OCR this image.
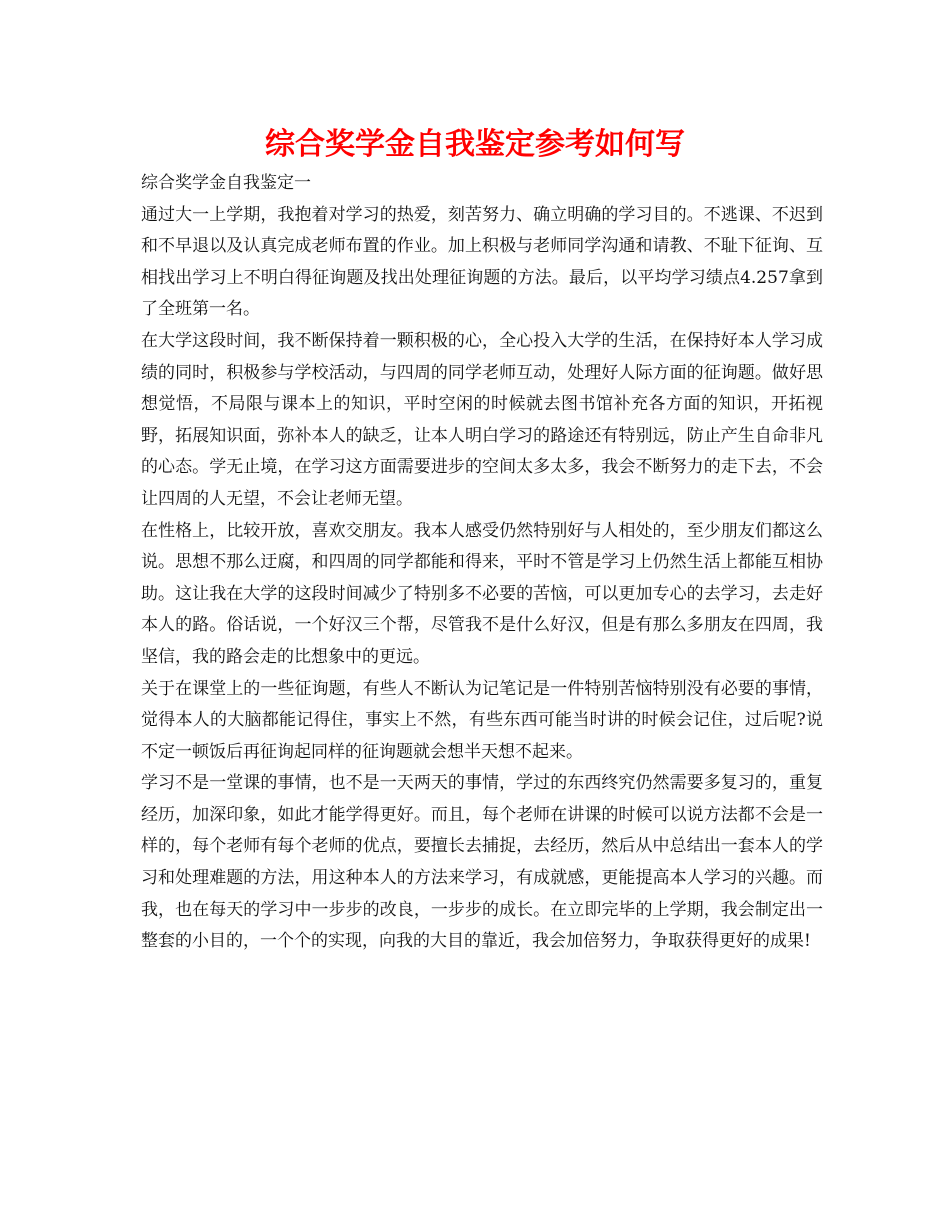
综合奖学金自我鉴定参考如何写

综合奖学金自我鉴定一

通过大一上学期，我抱着对学习的热爱，刻苦努力、确立明确的学习目的。不逃课、不迟到和不早退以及认真完成老师布置的作业。加上积极与老师同学沟通和请教、不耻下征询、互相找出学习上不明白得征询题及找出处理征询题的方法。最后，以平均学习绩点4.257拿到了全班第一名。

在大学这段时间，我不断保持着一颗积极的心，全心投入大学的生活，在保持好本人学习成绩的同时，积极参与学校活动，与四周的同学老师互动，处理好人际方面的征询题。做好思想觉悟，不局限与课本上的知识，平时空闲的时候就去图书馆补充各方面的知识，开拓视野，拓展知识面，弥补本人的缺乏，让本人明白学习的路途还有特别远，防止产生自命非凡的心态。学无止境，在学习这方面需要进步的空间太多太多，我会不断努力的走下去，不会让四周的人无望，不会让老师无望。

在性格上，比较开放，喜欢交朋友。我本人感受仍然特别好与人相处的，至少朋友们都这么说。思想不那么迂腐，和四周的同学都能和得来，平时不管是学习上仍然生活上都能互相协助。这让我在大学的这段时间减少了特别多不必要的苦恼，可以更加专心的去学习，去走好本人的路。俗话说，一个好汉三个帮，尽管我不是什么好汉，但是有那么多朋友在四周，我坚信，我的路会走的比想象中的更远。

关于在课堂上的一些征询题，有些人不断认为记笔记是一件特别苦恼特别没有必要的事情，觉得本人的大脑都能记得住，事实上不然，有些东西可能当时讲的时候会记住，过后呢?说不定一顿饭后再征询起同样的征询题就会想半天想不起来。

学习不是一堂课的事情，也不是一天两天的事情，学过的东西终究仍然需要多复习的，重复经历，加深印象，如此才能学得更好。而且，每个老师在讲课的时候可以说方法都不会是一样的，每个老师有每个老师的优点，要擅长去捕捉，去经历，然后从中总结出一套本人的学习和处理难题的方法，用这种本人的方法来学习，有成就感，更能提高本人学习的兴趣。而我，也在每天的学习中一步步的改良，一步步的成长。在立即完毕的上学期，我会制定出一整套的小目的，一个个的实现，向我的大目的靠近，我会加倍努力，争取获得更好的成果!
